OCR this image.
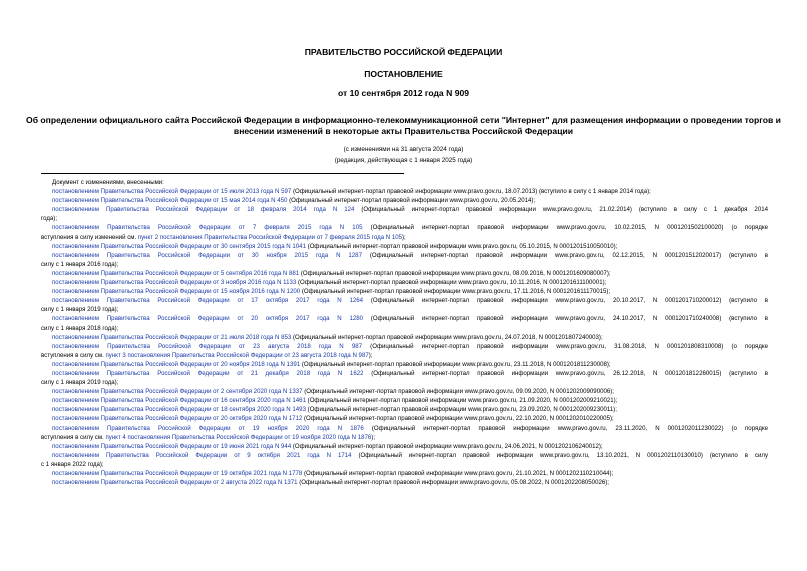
ПРАВИТЕЛЬСТВО РОССИЙСКОЙ ФЕДЕРАЦИИ
ПОСТАНОВЛЕНИЕ
от 10 сентября 2012 года N 909
Об определении официального сайта Российской Федерации в информационно-телекоммуникационной сети "Интернет" для размещения информации о проведении торгов и внесении изменений в некоторые акты Правительства Российской Федерации
(с изменениями на 31 августа 2024 года)
(редакция, действующая с 1 января 2025 года)
Документ с изменениями, внесенными:
постановлением Правительства Российской Федерации от 15 июля 2013 года N 597 (Официальный интернет-портал правовой информации www.pravo.gov.ru, 18.07.2013) (вступило в силу с 1 января 2014 года);
постановлением Правительства Российской Федерации от 15 мая 2014 года N 450 (Официальный интернет-портал правовой информации www.pravo.gov.ru, 20.05.2014);
постановлением Правительства Российской Федерации от 18 февраля 2014 года N 124 (Официальный интернет-портал правовой информации www.pravo.gov.ru, 21.02.2014) (вступило в силу с 1 декабря 2014
года);
постановлением Правительства Российской Федерации от 7 февраля 2015 года N 105 (Официальный интернет-портал правовой информации www.pravo.gov.ru, 10.02.2015, N 0001201502100020) (о порядке
вступления в силу изменений см. пункт 2 постановления Правительства Российской Федерации от 7 февраля 2015 года N 105);
постановлением Правительства Российской Федерации от 30 сентября 2015 года N 1041 (Официальный интернет-портал правовой информации www.pravo.gov.ru, 05.10.2015, N 0001201510050010);
постановлением Правительства Российской Федерации от 30 ноября 2015 года N 1287 (Официальный интернет-портал правовой информации www.pravo.gov.ru, 02.12.2015, N 0001201512020017) (вступило в
силу с 1 января 2016 года);
постановлением Правительства Российской Федерации от 5 сентября 2016 года N 881 (Официальный интернет-портал правовой информации www.pravo.gov.ru, 08.09.2016, N 0001201609080007);
постановлением Правительства Российской Федерации от 3 ноября 2016 года N 1133 (Официальный интернет-портал правовой информации www.pravo.gov.ru, 10.11.2016, N 0001201611100001);
постановлением Правительства Российской Федерации от 15 ноября 2016 года N 1200 (Официальный интернет-портал правовой информации www.pravo.gov.ru, 17.11.2016, N 0001201611170015);
постановлением Правительства Российской Федерации от 17 октября 2017 года N 1264 (Официальный интернет-портал правовой информации www.pravo.gov.ru, 20.10.2017, N 0001201710200012) (вступило в
силу с 1 января 2019 года);
постановлением Правительства Российской Федерации от 20 октября 2017 года N 1280 (Официальный интернет-портал правовой информации www.pravo.gov.ru, 24.10.2017, N 0001201710240008) (вступило в
силу с 1 января 2018 года);
постановлением Правительства Российской Федерации от 21 июля 2018 года N 853 (Официальный интернет-портал правовой информации www.pravo.gov.ru, 24.07.2018, N 0001201807240003);
постановлением Правительства Российской Федерации от 23 августа 2018 года N 987 (Официальный интернет-портал правовой информации www.pravo.gov.ru, 31.08.2018, N 0001201808310008) (о порядке
вступления в силу см. пункт 3 постановления Правительства Российской Федерации от 23 августа 2018 года N 987);
постановлением Правительства Российской Федерации от 20 ноября 2018 года N 1391 (Официальный интернет-портал правовой информации www.pravo.gov.ru, 23.11.2018, N 0001201811230008);
постановлением Правительства Российской Федерации от 21 декабря 2018 года N 1622 (Официальный интернет-портал правовой информации www.pravo.gov.ru, 26.12.2018, N 0001201812260015) (вступило в
силу с 1 января 2019 года);
постановлением Правительства Российской Федерации от 2 сентября 2020 года N 1337 (Официальный интернет-портал правовой информации www.pravo.gov.ru, 09.09.2020, N 0001202009090006);
постановлением Правительства Российской Федерации от 16 сентября 2020 года N 1461 (Официальный интернет-портал правовой информации www.pravo.gov.ru, 21.09.2020, N 0001202009210021);
постановлением Правительства Российской Федерации от 18 сентября 2020 года N 1493 (Официальный интернет-портал правовой информации www.pravo.gov.ru, 23.09.2020, N 0001202009230011);
постановлением Правительства Российской Федерации от 20 октября 2020 года N 1712 (Официальный интернет-портал правовой информации www.pravo.gov.ru, 22.10.2020, N 0001202010220005);
постановлением Правительства Российской Федерации от 19 ноября 2020 года N 1876 (Официальный интернет-портал правовой информации www.pravo.gov.ru, 23.11.2020, N 0001202011230022) (о порядке
вступления в силу см. пункт 4 постановления Правительства Российской Федерации от 19 ноября 2020 года N 1876);
постановлением Правительства Российской Федерации от 19 июня 2021 года N 944 (Официальный интернет-портал правовой информации www.pravo.gov.ru, 24.06.2021, N 0001202106240012);
постановлением Правительства Российской Федерации от 9 октября 2021 года N 1714 (Официальный интернет-портал правовой информации www.pravo.gov.ru, 13.10.2021, N 0001202110130010) (вступило в силу
с 1 января 2022 года);
постановлением Правительства Российской Федерации от 19 октября 2021 года N 1778 (Официальный интернет-портал правовой информации www.pravo.gov.ru, 21.10.2021, N 0001202110210044);
постановлением Правительства Российской Федерации от 2 августа 2022 года N 1371 (Официальный интернет-портал правовой информации www.pravo.gov.ru, 05.08.2022, N 0001202208050026);
